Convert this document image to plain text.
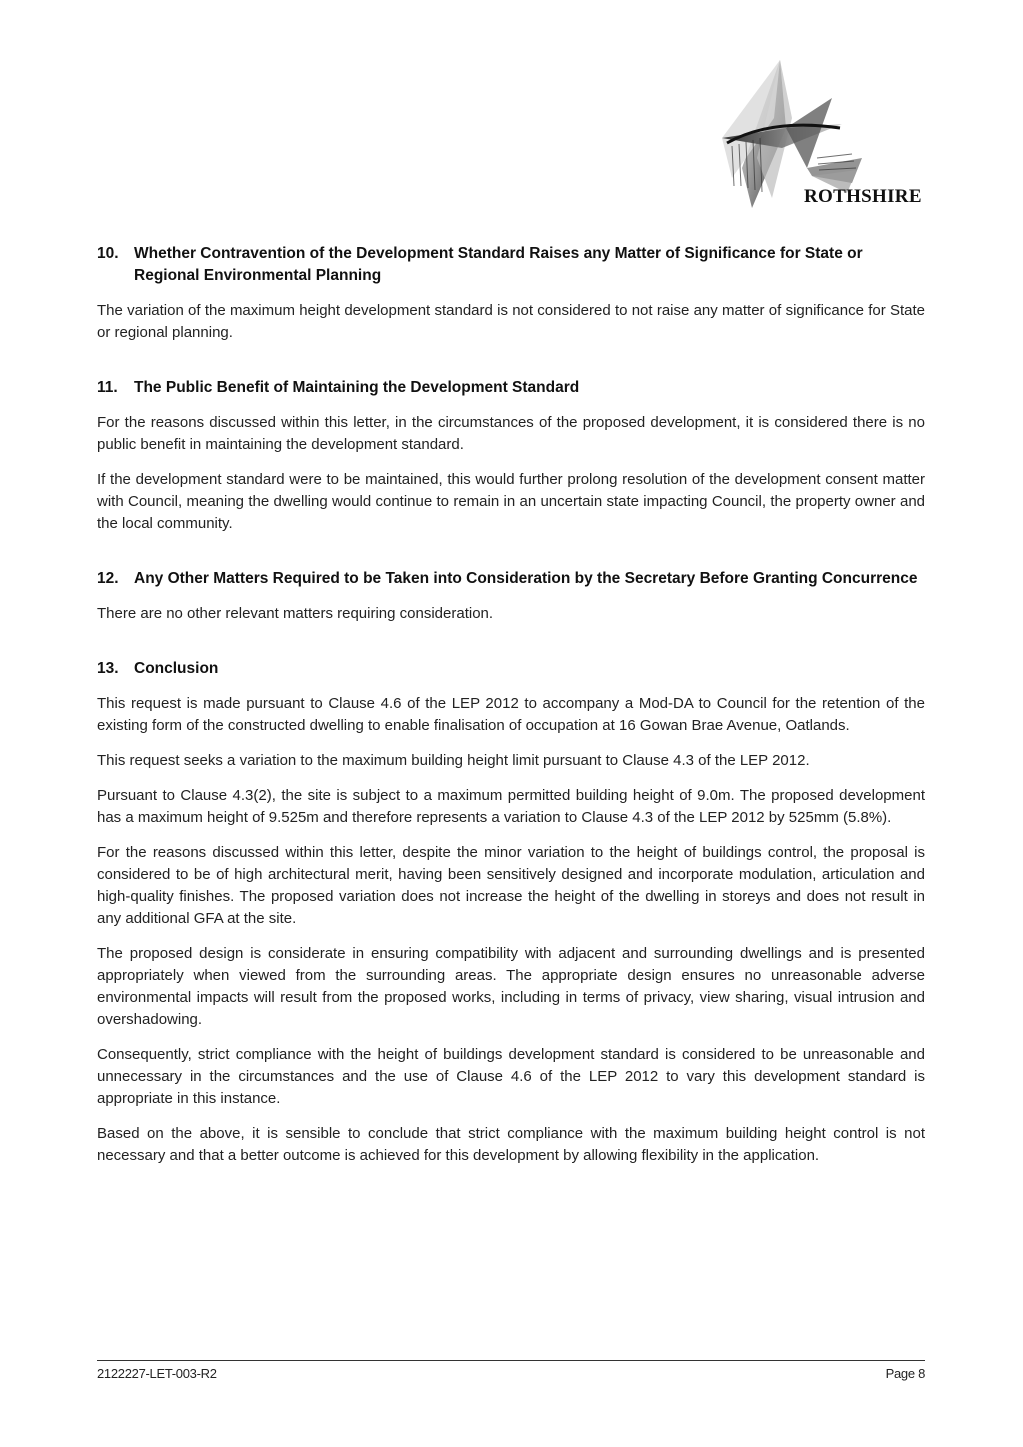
ROTHSHIRE
10. Whether Contravention of the Development Standard Raises any Matter of Significance for State or Regional Environmental Planning

The variation of the maximum height development standard is not considered to not raise any matter of significance for State or regional planning.

11.	The Public Benefit of Maintaining the Development Standard

For the reasons discussed within this letter, in the circumstances of the proposed development, it is considered there is no public benefit in maintaining the development standard.

If the development standard were to be maintained, this would further prolong resolution of the development consent matter with Council, meaning the dwelling would continue to remain in an uncertain state impacting Council, the property owner and the local community.

12. Any Other Matters Required to be Taken into Consideration by the Secretary Before Granting Concurrence

There are no other relevant matters requiring consideration.

13. Conclusion

This request is made pursuant to Clause 4.6 of the LEP 2012 to accompany a Mod-DA to Council for the retention of the existing form of the constructed dwelling to enable finalisation of occupation at 16 Gowan Brae Avenue, Oatlands.

This request seeks a variation to the maximum building height limit pursuant to Clause 4.3 of the LEP 2012.

Pursuant to Clause 4.3(2), the site is subject to a maximum permitted building height of 9.0m. The proposed development has a maximum height of 9.525m and therefore represents a variation to Clause 4.3 of the LEP 2012 by 525mm (5.8%).

For the reasons discussed within this letter, despite the minor variation to the height of buildings control, the proposal is considered to be of high architectural merit, having been sensitively designed and incorporate modulation, articulation and high-quality finishes. The proposed variation does not increase the height of the dwelling in storeys and does not result in any additional GFA at the site.

The proposed design is considerate in ensuring compatibility with adjacent and surrounding dwellings and is presented appropriately when viewed from the surrounding areas. The appropriate design ensures no unreasonable adverse environmental impacts will result from the proposed works, including in terms of privacy, view sharing, visual intrusion and overshadowing.

Consequently, strict compliance with the height of buildings development standard is considered to be unreasonable and unnecessary in the circumstances and the use of Clause 4.6 of the LEP 2012 to vary this development standard is appropriate in this instance.

Based on the above, it is sensible to conclude that strict compliance with the maximum building height control is not necessary and that a better outcome is achieved for this development by allowing flexibility in the application.

2122227-LET-003-R2	Page 8
